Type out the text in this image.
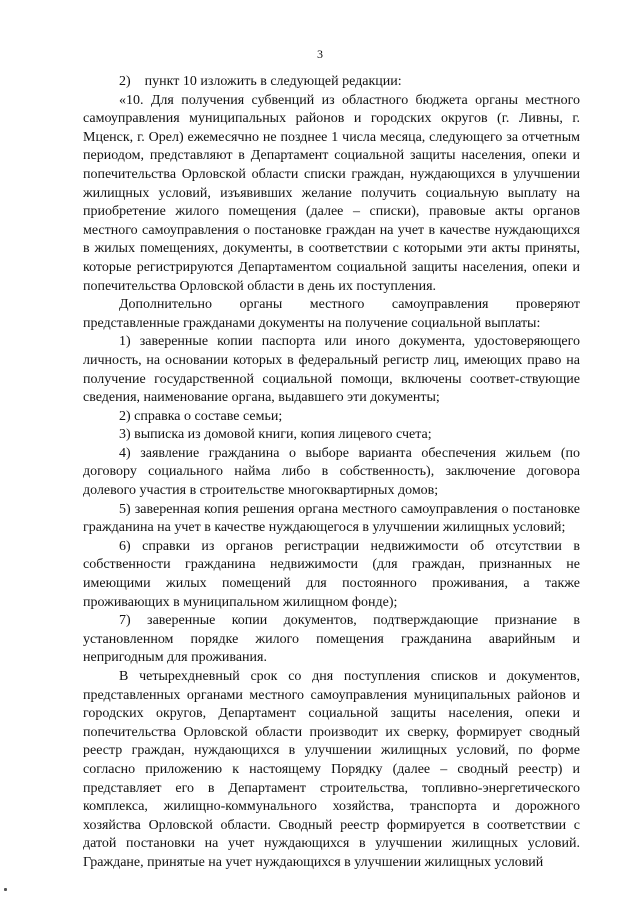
3

2)    пункт 10 изложить в следующей редакции:

«10. Для получения субвенций из областного бюджета органы местного самоуправления муниципальных районов и городских округов (г. Ливны, г. Мценск, г. Орел) ежемесячно не позднее 1 числа месяца, следующего за отчетным периодом, представляют в Департамент социальной защиты населения, опеки и попечительства Орловской области списки граждан, нуждающихся в улучшении жилищных условий, изъявивших желание получить социальную выплату на приобретение жилого помещения (далее – списки), правовые акты органов местного самоуправления о постановке граждан на учет в качестве нуждающихся в жилых помещениях, документы, в соответствии с которыми эти акты приняты, которые регистрируются Департаментом социальной защиты населения, опеки и попечительства Орловской области в день их поступления.

Дополнительно органы местного самоуправления проверяют представленные гражданами документы на получение социальной выплаты:

1) заверенные копии паспорта или иного документа, удостоверяющего личность, на основании которых в федеральный регистр лиц, имеющих право на получение государственной социальной помощи, включены соответ-ствующие сведения, наименование органа, выдавшего эти документы;

2) справка о составе семьи;

3) выписка из домовой книги, копия лицевого счета;

4) заявление гражданина о выборе варианта обеспечения жильем (по договору социального найма либо в собственность), заключение договора долевого участия в строительстве многоквартирных домов;

5) заверенная копия решения органа местного самоуправления о постановке гражданина на учет в качестве нуждающегося в улучшении жилищных условий;

6) справки из органов регистрации недвижимости об отсутствии в собственности гражданина недвижимости (для граждан, признанных не имеющими жилых помещений для постоянного проживания, а также проживающих в муниципальном жилищном фонде);

7) заверенные копии документов, подтверждающие признание в установленном порядке жилого помещения гражданина аварийным и непригодным для проживания.

В четырехдневный срок со дня поступления списков и документов, представленных органами местного самоуправления муниципальных районов и городских округов, Департамент социальной защиты населения, опеки и попечительства Орловской области производит их сверку, формирует сводный реестр граждан, нуждающихся в улучшении жилищных условий, по форме согласно приложению к настоящему Порядку (далее – сводный реестр) и представляет его в Департамент строительства, топливно-энергетического комплекса, жилищно-коммунального хозяйства, транспорта и дорожного хозяйства Орловской области. Сводный реестр формируется в соответствии с датой постановки на учет нуждающихся в улучшении жилищных условий. Граждане, принятые на учет нуждающихся в улучшении жилищных условий
